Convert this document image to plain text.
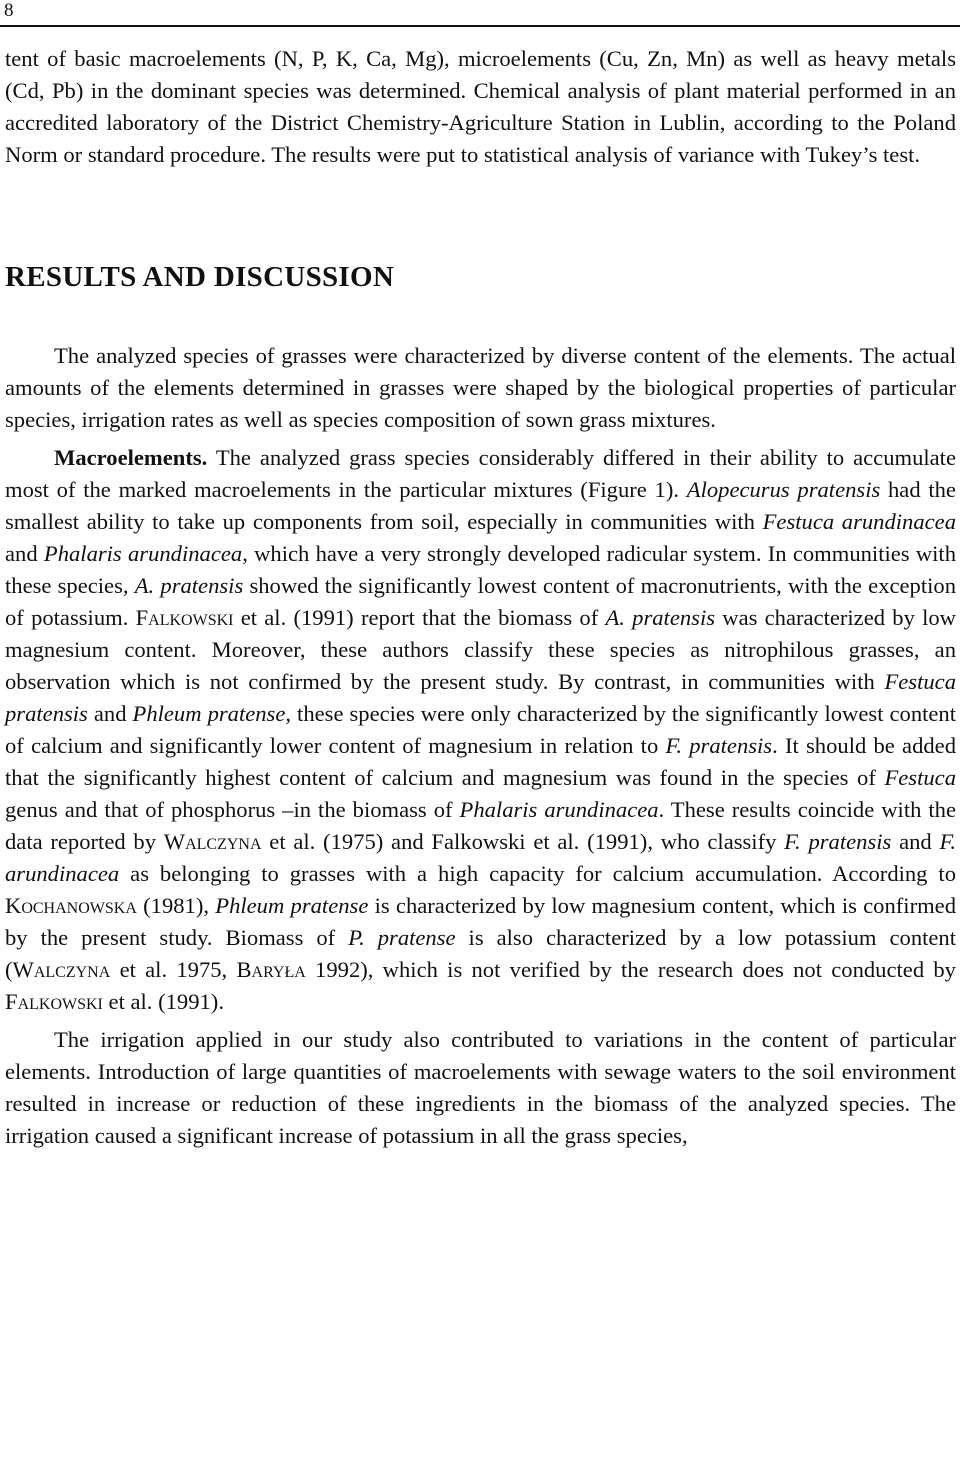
8

tent of basic macroelements (N, P, K, Ca, Mg), microelements (Cu, Zn, Mn) as well as heavy metals (Cd, Pb) in the dominant species was determined. Chemical analysis of plant material performed in an accredited laboratory of the District Chemistry-Agriculture Station in Lublin, according to the Poland Norm or standard procedure. The results were put to statistical analysis of variance with Tukey’s test.

RESULTS AND DISCUSSION

The analyzed species of grasses were characterized by diverse content of the elements. The actual amounts of the elements determined in grasses were shaped by the biological properties of particular species, irrigation rates as well as species composition of sown grass mixtures.

Macroelements. The analyzed grass species considerably differed in their ability to accumulate most of the marked macroelements in the particular mixtures (Figure 1). Alopecurus pratensis had the smallest ability to take up components from soil, especially in communities with Festuca arundinacea and Phalaris arundinacea, which have a very strongly developed radicular system. In communities with these species, A. pratensis showed the significantly lowest content of macronutrients, with the exception of potassium. Falkowski et al. (1991) report that the biomass of A. pratensis was characterized by low magnesium content. Moreover, these authors classify these species as nitrophilous grasses, an observation which is not confirmed by the present study. By contrast, in communities with Festuca pratensis and Phleum pratense, these species were only characterized by the significantly lowest content of calcium and significantly lower content of magnesium in relation to F. pratensis. It should be added that the significantly highest content of calcium and magnesium was found in the species of Festuca genus and that of phosphorus –in the biomass of Phalaris arundinacea. These results coincide with the data reported by Walczyna et al. (1975) and Falkowski et al. (1991), who classify F. pratensis and F. arundinacea as belonging to grasses with a high capacity for calcium accumulation. According to Kochanowska (1981), Phleum pratense is characterized by low magnesium content, which is confirmed by the present study. Biomass of P. pratense is also characterized by a low potassium content (Walczyna et al. 1975, Baryła 1992), which is not verified by the research does not conducted by Falkowski et al. (1991).

The irrigation applied in our study also contributed to variations in the content of particular elements. Introduction of large quantities of macroelements with sewage waters to the soil environment resulted in increase or reduction of these ingredients in the biomass of the analyzed species. The irrigation caused a significant increase of potassium in all the grass species,
